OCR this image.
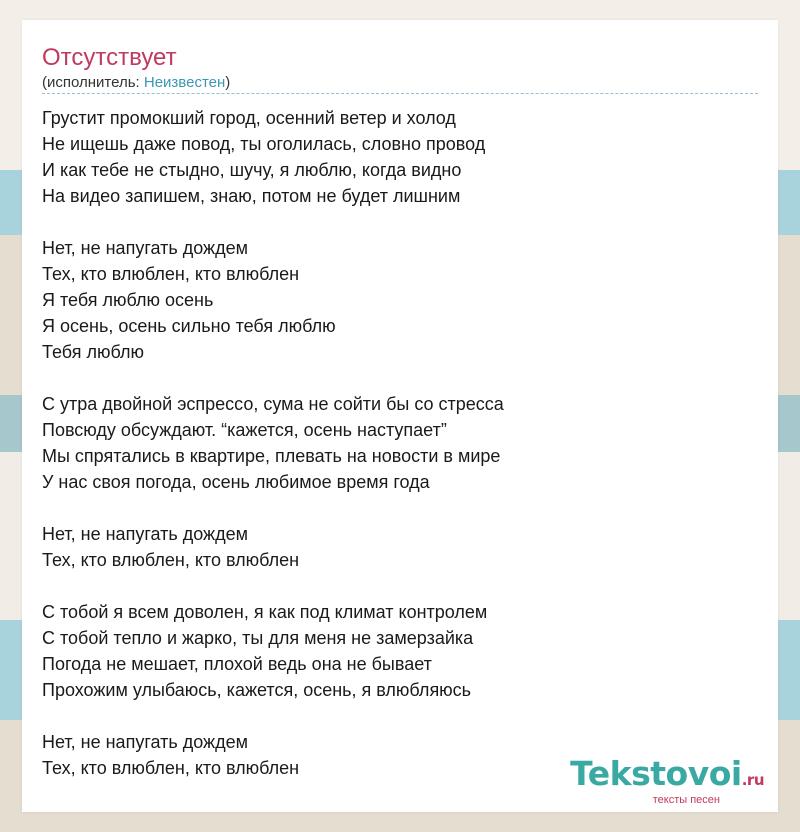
Отсутствует
(исполнитель: Неизвестен)
Грустит промокший город, осенний ветер и холод
Не ищешь даже повод, ты оголилась, словно провод
И как тебе не стыдно, шучу, я люблю, когда видно
На видео запишем, знаю, потом не будет лишним
Нет, не напугать дождем
Тех, кто влюблен, кто влюблен
Я тебя люблю осень
Я осень, осень сильно тебя люблю
Тебя люблю
С утра двойной эспрессо, сума не сойти бы со стресса
Повсюду обсуждают. “кажется, осень наступает”
Мы спрятались в квартире, плевать на новости в мире
У нас своя погода, осень любимое время года
Нет, не напугать дождем
Тех, кто влюблен, кто влюблен
С тобой я всем доволен, я как под климат контролем
С тобой тепло и жарко, ты для меня не замерзайка
Погода не мешает, плохой ведь она не бывает
Прохожим улыбаюсь, кажется, осень, я влюбляюсь
Нет, не напугать дождем
Тех, кто влюблен, кто влюблен	Tekstovoi.ru
тексты песен
